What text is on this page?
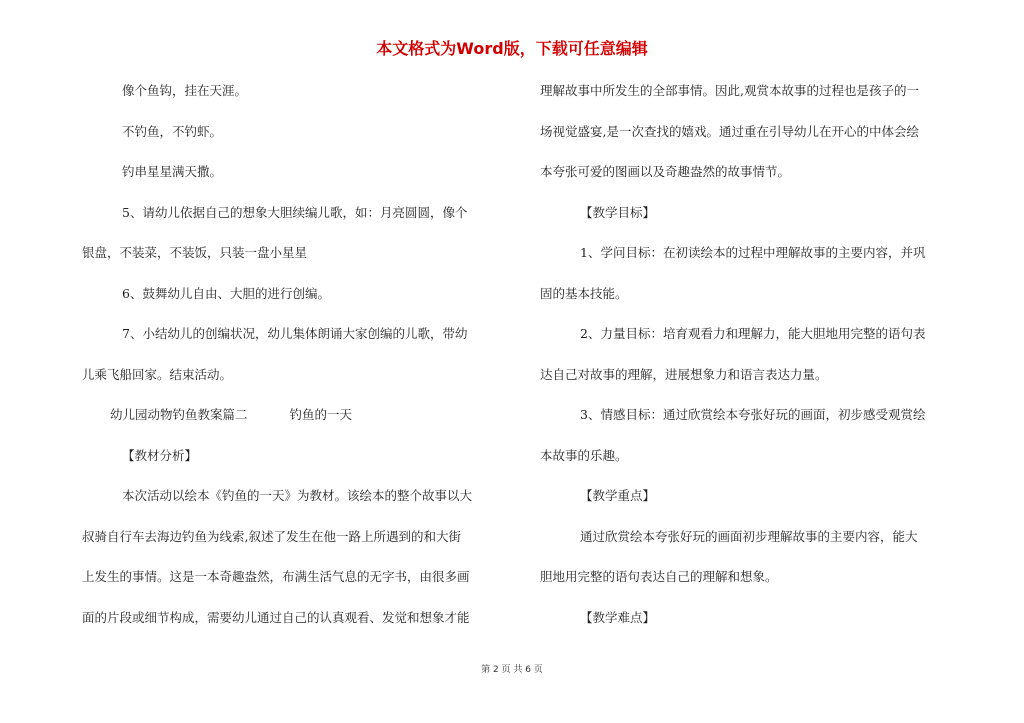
本文格式为Word版，下载可任意编辑
像个鱼钩，挂在天涯。
不钓鱼，不钓虾。
钓串星星满天撒。
5、请幼儿依据自己的想象大胆续编儿歌，如：月亮圆圆，像个
银盘，不装菜，不装饭，只装一盘小星星
6、鼓舞幼儿自由、大胆的进行创编。
7、小结幼儿的创编状况，幼儿集体朗诵大家创编的儿歌，带幼
儿乘飞船回家。结束活动。
幼儿园动物钓鱼教案篇二	钓鱼的一天
【教材分析】
本次活动以绘本《钓鱼的一天》为教材。该绘本的整个故事以大
叔骑自行车去海边钓鱼为线索,叙述了发生在他一路上所遇到的和大街
上发生的事情。这是一本奇趣盎然，布满生活气息的无字书，由很多画
面的片段或细节构成，需要幼儿通过自己的认真观看、发觉和想象才能
理解故事中所发生的全部事情。因此,观赏本故事的过程也是孩子的一
场视觉盛宴,是一次查找的嬉戏。通过重在引导幼儿在开心的中体会绘
本夸张可爱的图画以及奇趣盎然的故事情节。
【教学目标】
1、学问目标：在初读绘本的过程中理解故事的主要内容，并巩
固的基本技能。
2、力量目标：培育观看力和理解力，能大胆地用完整的语句表
达自己对故事的理解，进展想象力和语言表达力量。
3、情感目标：通过欣赏绘本夸张好玩的画面，初步感受观赏绘
本故事的乐趣。
【教学重点】
通过欣赏绘本夸张好玩的画面初步理解故事的主要内容，能大
胆地用完整的语句表达自己的理解和想象。
【教学难点】
第 2 页 共 6 页
